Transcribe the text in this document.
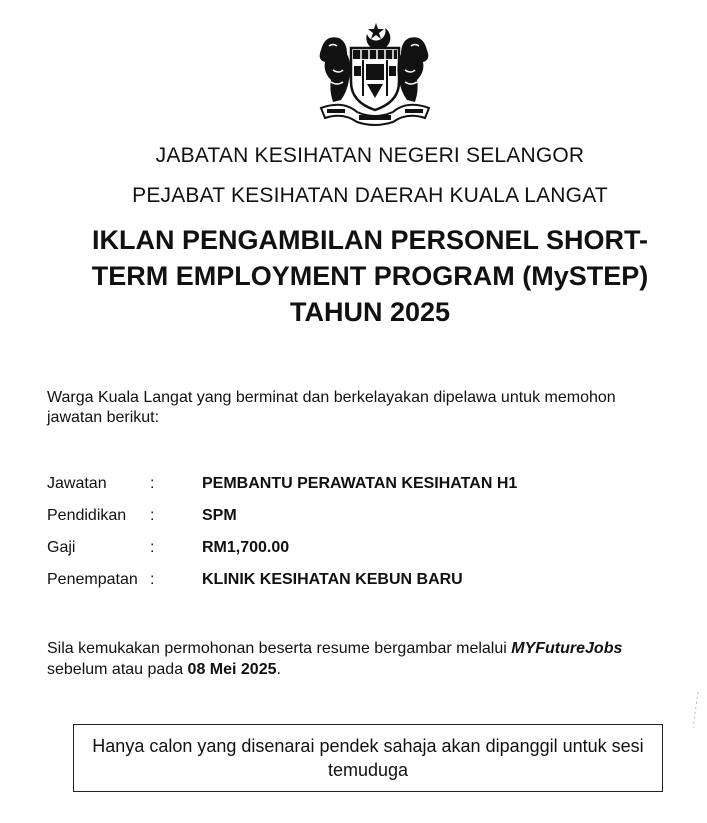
JABATAN KESIHATAN NEGERI SELANGOR
PEJABAT KESIHATAN DAERAH KUALA LANGAT
IKLAN PENGAMBILAN PERSONEL SHORT-
TERM EMPLOYMENT PROGRAM (MySTEP)
TAHUN 2025
Warga Kuala Langat yang berminat dan berkelayakan dipelawa untuk memohon jawatan berikut:
Jawatan	:	PEMBANTU PERAWATAN KESIHATAN H1
Pendidikan :	SPM
Gaji	:	RM1,700.00
Penempatan :	KLINIK KESIHATAN KEBUN BARU
Sila kemukakan permohonan beserta resume bergambar melalui MYFutureJobs sebelum atau pada 08 Mei 2025.
Hanya calon yang disenarai pendek sahaja akan dipanggil untuk sesi temuduga
